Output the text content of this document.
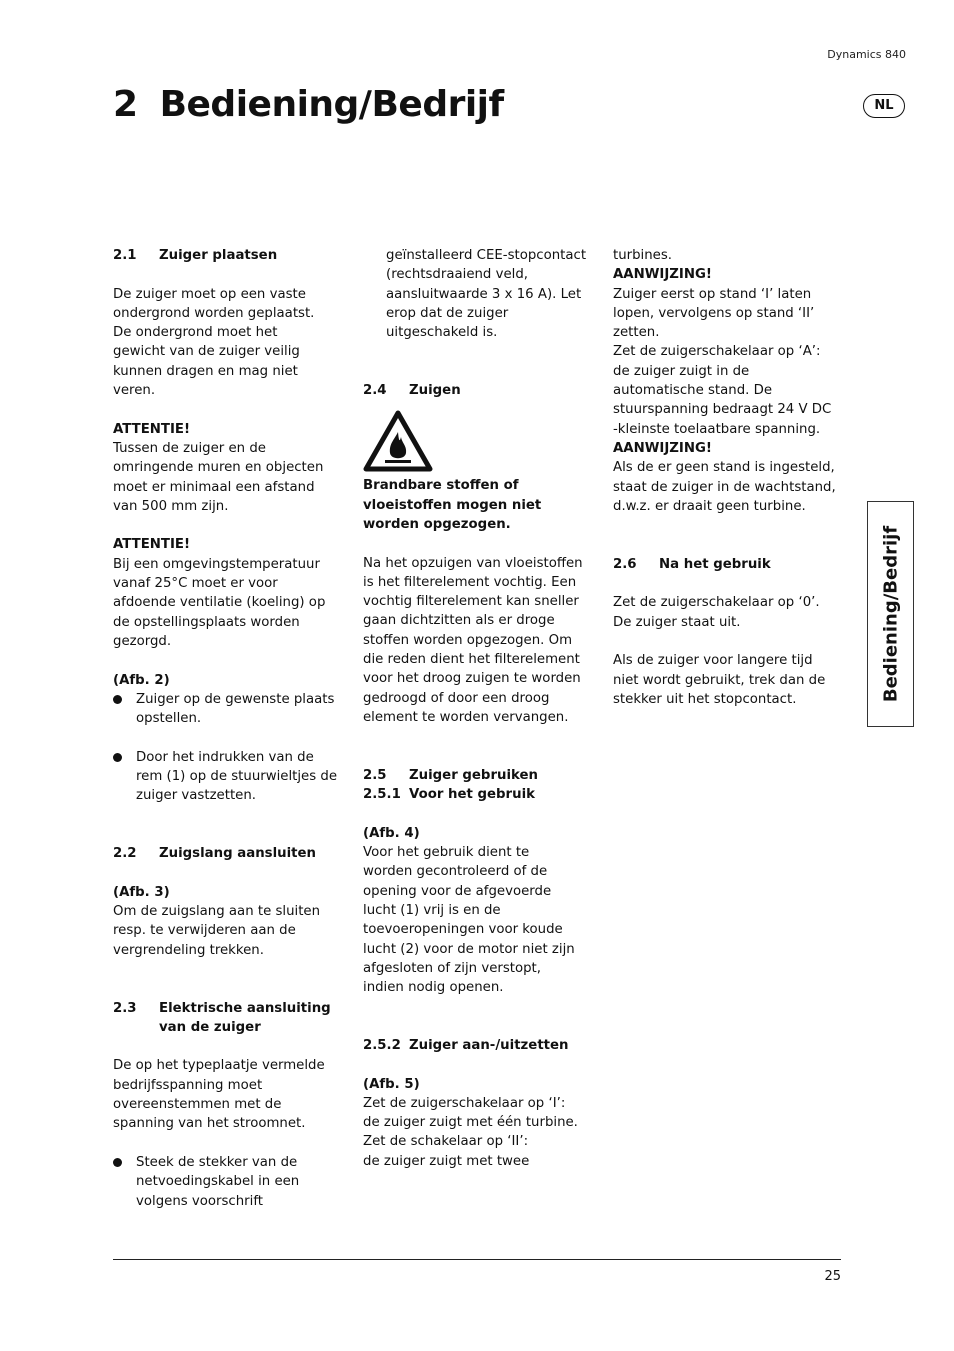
Dynamics 840
2 Bediening/Bedrijf	NL
Bediening/Bedrijf

2.1 Zuiger plaatsen

De zuiger moet op een vaste
ondergrond worden geplaatst.
De ondergrond moet het
gewicht van de zuiger veilig
kunnen dragen en mag niet
veren.

ATTENTIE!

Tussen de zuiger en de
omringende muren en objecten
moet er minimaal een afstand
van 500 mm zijn.

ATTENTIE!

Bij een omgevingstemperatuur
vanaf 25°C moet er voor
afdoende ventilatie (koeling) op
de opstellingsplaats worden
gezorgd.

(Afb. 2)

Zuiger op de gewenste plaats
opstellen.

Door het indrukken van de
rem (1) op de stuurwieltjes de
zuiger vastzetten.

2.2 Zuigslang aansluiten

(Afb. 3)

Om de zuigslang aan te sluiten
resp. te verwijderen aan de
vergrendeling trekken.

2.3 Elektrische aansluiting
van de zuiger

De op het typeplaatje vermelde
bedrijfsspanning moet
overeenstemmen met de
spanning van het stroomnet.

Steek de stekker van de
netvoedingskabel in een
volgens voorschrift

geïnstalleerd CEE-stopcontact
(rechtsdraaiend veld,
aansluitwaarde 3 x 16 A). Let
erop dat de zuiger
uitgeschakeld is.

2.4 Zuigen

Brandbare stoffen of
vloeistoffen mogen niet
worden opgezogen.

Na het opzuigen van vloeistoffen
is het filterelement vochtig. Een
vochtig filterelement kan sneller
gaan dichtzitten als er droge
stoffen worden opgezogen. Om
die reden dient het filterelement
voor het droog zuigen te worden
gedroogd of door een droog
element te worden vervangen.

2.5 Zuiger gebruiken

2.5.1 Voor het gebruik

(Afb. 4)

Voor het gebruik dient te
worden gecontroleerd of de
opening voor de afgevoerde
lucht (1) vrij is en de
toevoeropeningen voor koude
lucht (2) voor de motor niet zijn
afgesloten of zijn verstopt,
indien nodig openen.

2.5.2 Zuiger aan-/uitzetten

(Afb. 5)

Zet de zuigerschakelaar op ‘I’:
de zuiger zuigt met één turbine.
Zet de schakelaar op ‘II’:
de zuiger zuigt met twee

turbines.

AANWIJZING!

Zuiger eerst op stand ‘I’ laten
lopen, vervolgens op stand ‘II’
zetten.
Zet de zuigerschakelaar op ‘A’:
de zuiger zuigt in de
automatische stand. De
stuurspanning bedraagt 24 V DC
-kleinste toelaatbare spanning.

AANWIJZING!

Als de er geen stand is ingesteld,
staat de zuiger in de wachtstand,
d.w.z. er draait geen turbine.

2.6 Na het gebruik

Zet de zuigerschakelaar op ‘0’.
De zuiger staat uit.

Als de zuiger voor langere tijd
niet wordt gebruikt, trek dan de
stekker uit het stopcontact.

25
